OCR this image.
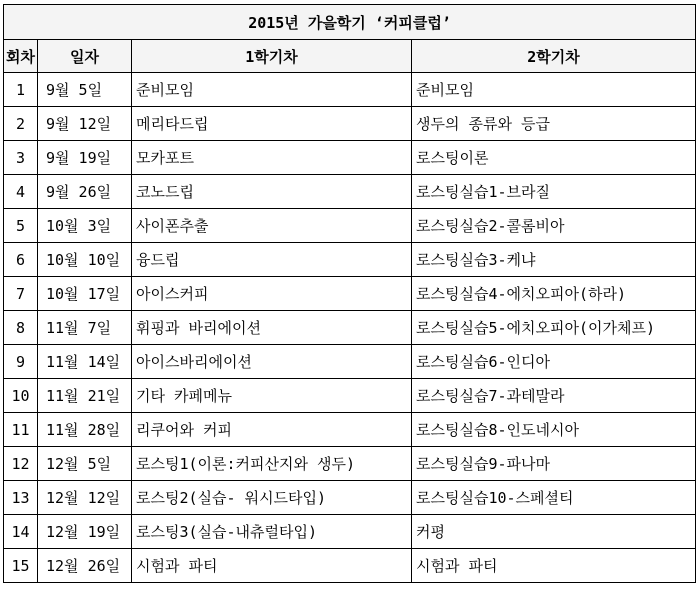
2015년 가을학기 ‘커피클럽’			
회차	일자	1학기차	2학기차
1	9월 5일	준비모임	준비모임
2	9월 12일	메리타드립	생두의 종류와 등급
3	9월 19일	모카포트	로스팅이론
4	9월 26일	코노드립	로스팅실습1-브라질
5	10월 3일	사이폰추출	로스팅실습2-콜롬비아
6	10월 10일	융드립	로스팅실습3-케냐
7	10월 17일	아이스커피	로스팅실습4-에치오피아(하라)
8	11월 7일	휘핑과 바리에이션	로스팅실습5-에치오피아(이가체프)
9	11월 14일	아이스바리에이션	로스팅실습6-인디아
10	11월 21일	기타 카페메뉴	로스팅실습7-과테말라
11	11월 28일	리쿠어와 커피	로스팅실습8-인도네시아
12	12월 5일	로스팅1(이론:커피산지와 생두)	로스팅실습9-파나마
13	12월 12일	로스팅2(실습- 워시드타입)	로스팅실습10-스페셜티
14	12월 19일	로스팅3(실습-내츄럴타입)	커평
15	12월 26일	시험과 파티	시험과 파티
